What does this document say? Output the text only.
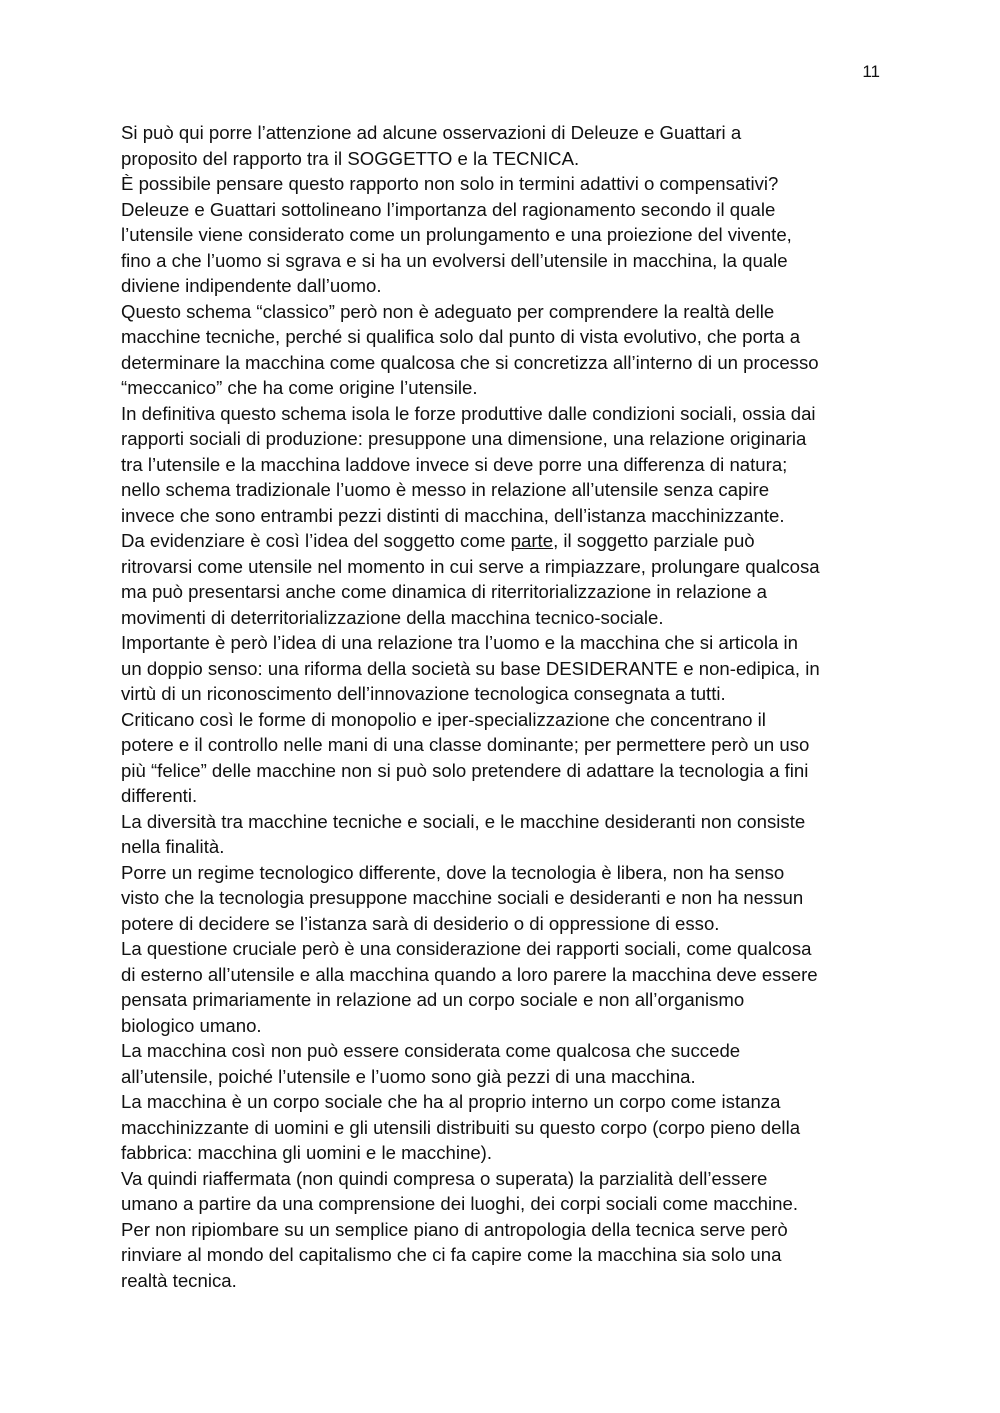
11
Si può qui porre l’attenzione ad alcune osservazioni di Deleuze e Guattari a
proposito del rapporto tra il SOGGETTO e la TECNICA.
È possibile pensare questo rapporto non solo in termini adattivi o compensativi?
Deleuze e Guattari sottolineano l’importanza del ragionamento secondo il quale
l’utensile viene considerato come un prolungamento e una proiezione del vivente,
fino a che l’uomo si sgrava e si ha un evolversi dell’utensile in macchina, la quale
diviene indipendente dall’uomo.
Questo schema “classico” però non è adeguato per comprendere la realtà delle
macchine tecniche, perché si qualifica solo dal punto di vista evolutivo, che porta a
determinare la macchina come qualcosa che si concretizza all’interno di un processo
“meccanico” che ha come origine l’utensile.
In definitiva questo schema isola le forze produttive dalle condizioni sociali, ossia dai
rapporti sociali di produzione: presuppone una dimensione, una relazione originaria
tra l’utensile e la macchina laddove invece si deve porre una differenza di natura;
nello schema tradizionale l’uomo è messo in relazione all’utensile senza capire
invece che sono entrambi pezzi distinti di macchina, dell’istanza macchinizzante.
Da evidenziare è così l’idea del soggetto come parte, il soggetto parziale può
ritrovarsi come utensile nel momento in cui serve a rimpiazzare, prolungare qualcosa
ma può presentarsi anche come dinamica di riterritorializzazione in relazione a
movimenti di deterritorializzazione della macchina tecnico-sociale.
Importante è però l’idea di una relazione tra l’uomo e la macchina che si articola in
un doppio senso: una riforma della società su base DESIDERANTE e non-edipica, in
virtù di un riconoscimento dell’innovazione tecnologica consegnata a tutti.
Criticano così le forme di monopolio e iper-specializzazione che concentrano il
potere e il controllo nelle mani di una classe dominante; per permettere però un uso
più “felice” delle macchine non si può solo pretendere di adattare la tecnologia a fini
differenti.
La diversità tra macchine tecniche e sociali, e le macchine desideranti non consiste
nella finalità.
Porre un regime tecnologico differente, dove la tecnologia è libera, non ha senso
visto che la tecnologia presuppone macchine sociali e desideranti e non ha nessun
potere di decidere se l’istanza sarà di desiderio o di oppressione di esso.
La questione cruciale però è una considerazione dei rapporti sociali, come qualcosa
di esterno all’utensile e alla macchina quando a loro parere la macchina deve essere
pensata primariamente in relazione ad un corpo sociale e non all’organismo
biologico umano.
La macchina così non può essere considerata come qualcosa che succede
all’utensile, poiché l’utensile e l’uomo sono già pezzi di una macchina.
La macchina è un corpo sociale che ha al proprio interno un corpo come istanza
macchinizzante di uomini e gli utensili distribuiti su questo corpo (corpo pieno della
fabbrica: macchina gli uomini e le macchine).
Va quindi riaffermata (non quindi compresa o superata) la parzialità dell’essere
umano a partire da una comprensione dei luoghi, dei corpi sociali come macchine.
Per non ripiombare su un semplice piano di antropologia della tecnica serve però
rinviare al mondo del capitalismo che ci fa capire come la macchina sia solo una
realtà tecnica.
